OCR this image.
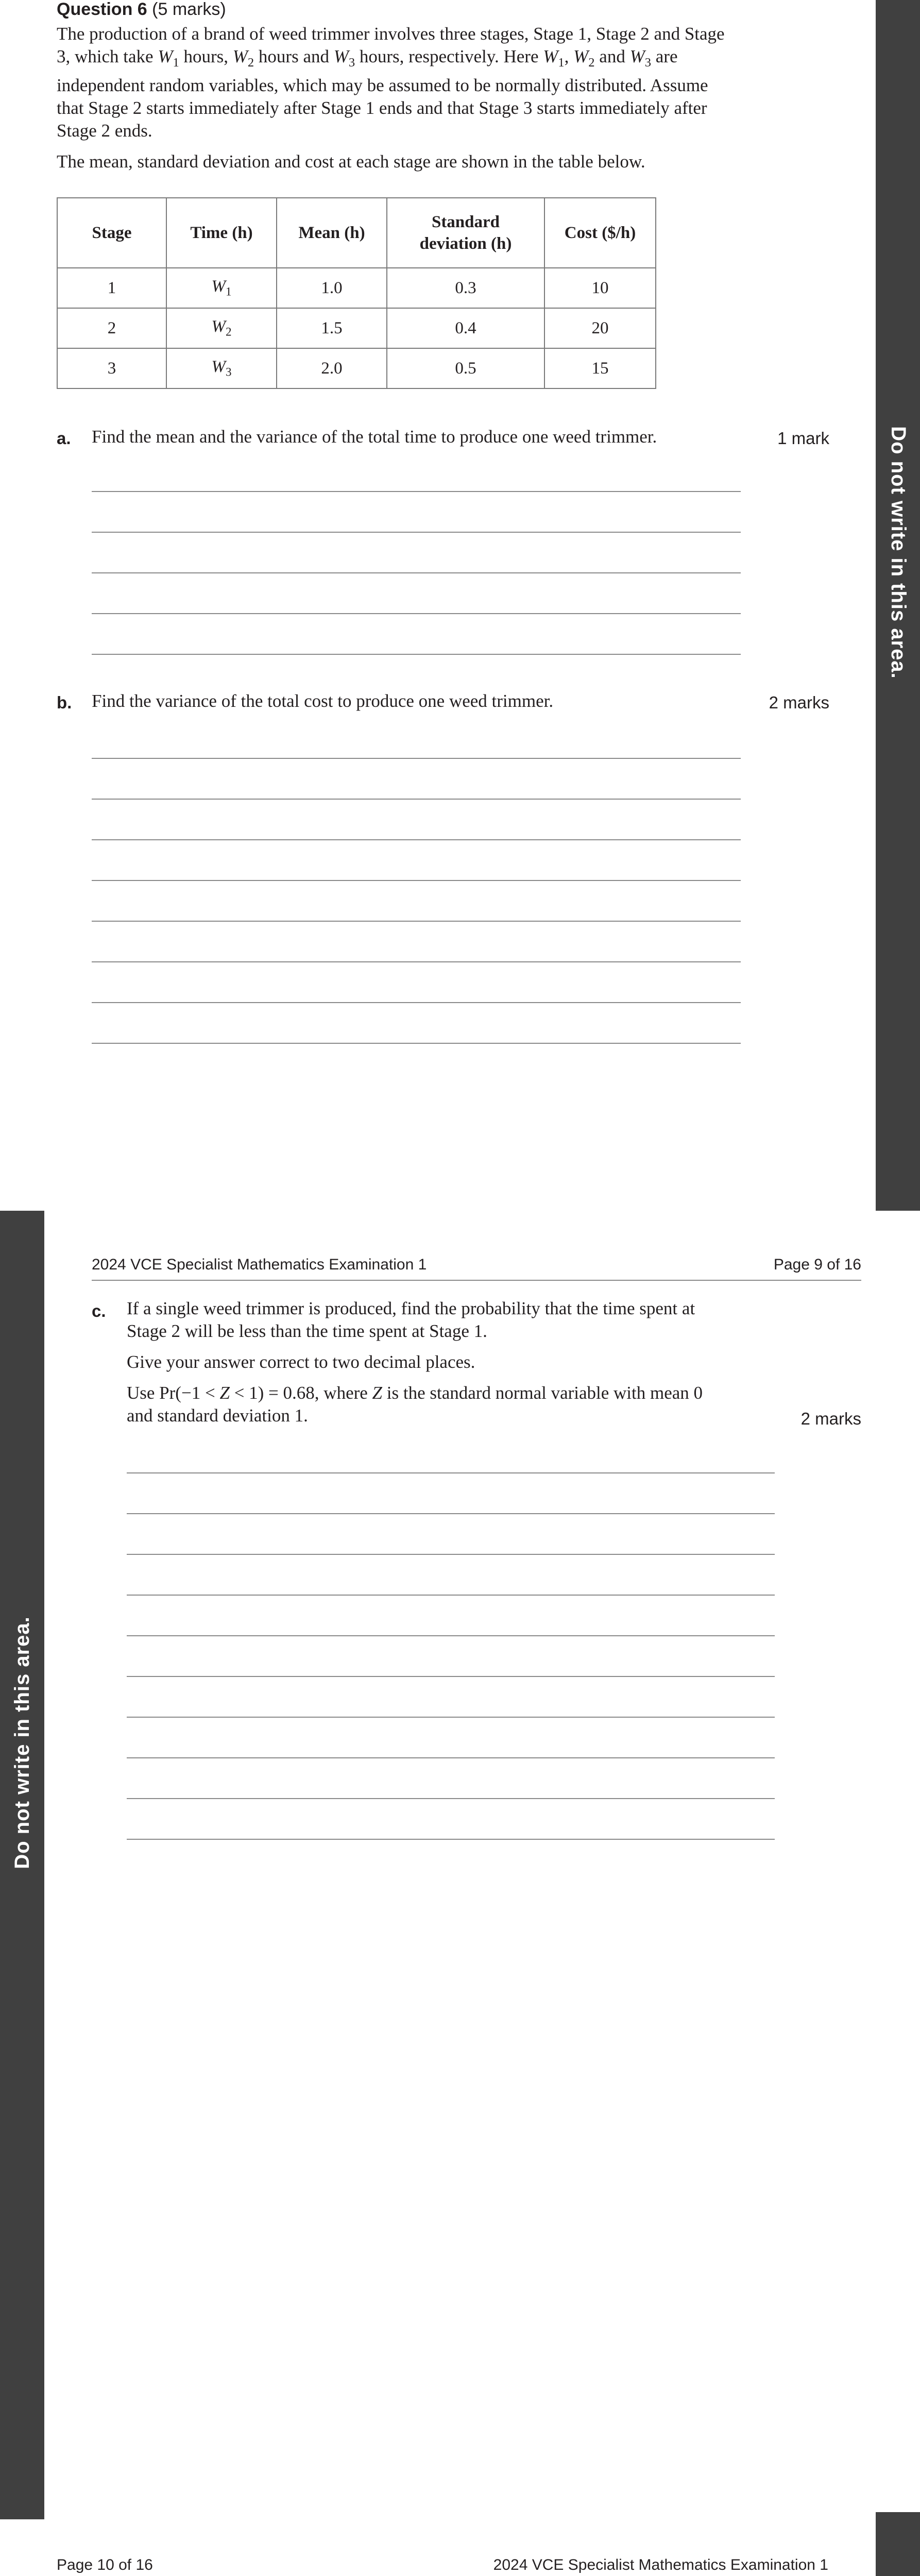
Do not write in this area.
Do not write in this area.
Question 6 (5 marks)

The production of a brand of weed trimmer involves three stages, Stage 1, Stage 2 and Stage 3, which take $W_1$ hours, $W_2$ hours and $W_3$ hours, respectively. Here $W_1$, $W_2$ and $W_3$ are independent random variables, which may be assumed to be normally distributed. Assume that Stage 2 starts immediately after Stage 1 ends and that Stage 3 starts immediately after Stage 2 ends.

The mean, standard deviation and cost at each stage are shown in the table below.

Stage	Time (h)	Mean (h)	Standard deviation (h)	Cost ($/h)
1	$W_1$	1.0	0.3	10
2	$W_2$	1.5	0.4	20
3	$W_3$	2.0	0.5	15
a. Find the mean and the variance of the total time to produce one weed trimmer.	1 mark
b. Find the variance of the total cost to produce one weed trimmer.	2 marks
2024 VCE Specialist Mathematics Examination 1	Page 9 of 16
c. If a single weed trimmer is produced, find the probability that the time spent at Stage 2 will be less than the time spent at Stage 1.
Give your answer correct to two decimal places.
Use Pr(−1 < Z < 1) = 0.68, where Z is the standard normal variable with mean 0 and standard deviation 1.	2 marks
Page 10 of 16	2024 VCE Specialist Mathematics Examination 1
